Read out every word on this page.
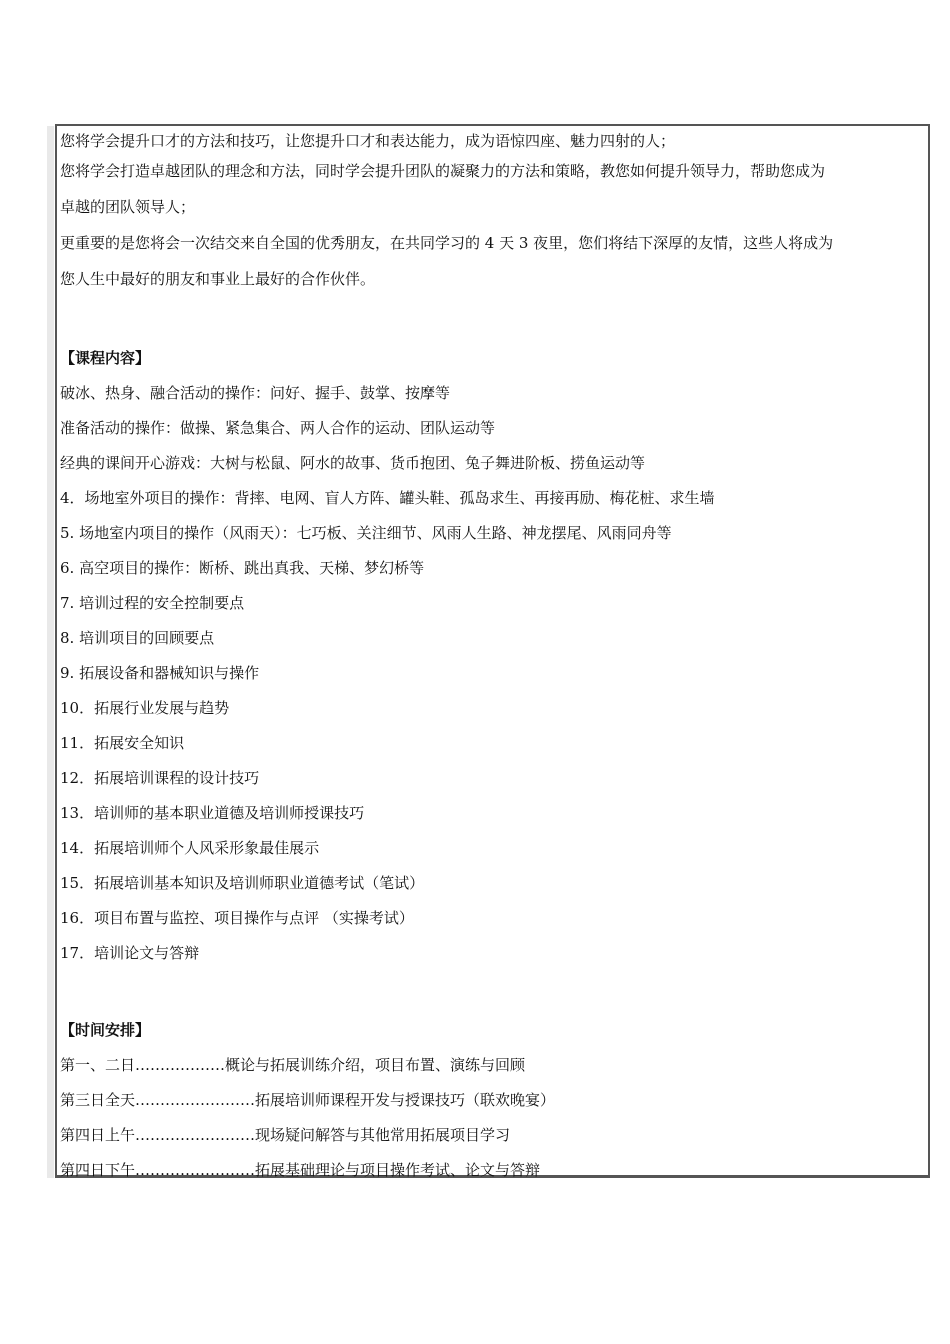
您将学会提升口才的方法和技巧，让您提升口才和表达能力，成为语惊四座、魅力四射的人；
您将学会打造卓越团队的理念和方法，同时学会提升团队的凝聚力的方法和策略，教您如何提升领导力，帮助您成为
卓越的团队领导人；
更重要的是您将会一次结交来自全国的优秀朋友，在共同学习的 4 天 3 夜里，您们将结下深厚的友情，这些人将成为
您人生中最好的朋友和事业上最好的合作伙伴。
【课程内容】
破冰、热身、融合活动的操作：问好、握手、鼓掌、按摩等
准备活动的操作：做操、紧急集合、两人合作的运动、团队运动等
经典的课间开心游戏：大树与松鼠、阿水的故事、货币抱团、兔子舞进阶板、捞鱼运动等
4．场地室外项目的操作：背摔、电网、盲人方阵、罐头鞋、孤岛求生、再接再励、梅花桩、求生墙
5. 场地室内项目的操作（风雨天）：七巧板、关注细节、风雨人生路、神龙摆尾、风雨同舟等
6. 高空项目的操作：断桥、跳出真我、天梯、梦幻桥等
7. 培训过程的安全控制要点
8. 培训项目的回顾要点
9. 拓展设备和器械知识与操作
10．拓展行业发展与趋势
11．拓展安全知识
12．拓展培训课程的设计技巧
13．培训师的基本职业道德及培训师授课技巧
14．拓展培训师个人风采形象最佳展示
15．拓展培训基本知识及培训师职业道德考试（笔试）
16．项目布置与监控、项目操作与点评 （实操考试）
17．培训论文与答辩
【时间安排】
第一、二日………………概论与拓展训练介绍，项目布置、演练与回顾
第三日全天……………………拓展培训师课程开发与授课技巧（联欢晚宴）
第四日上午……………………现场疑问解答与其他常用拓展项目学习
第四日下午……………………拓展基础理论与项目操作考试、论文与答辩
